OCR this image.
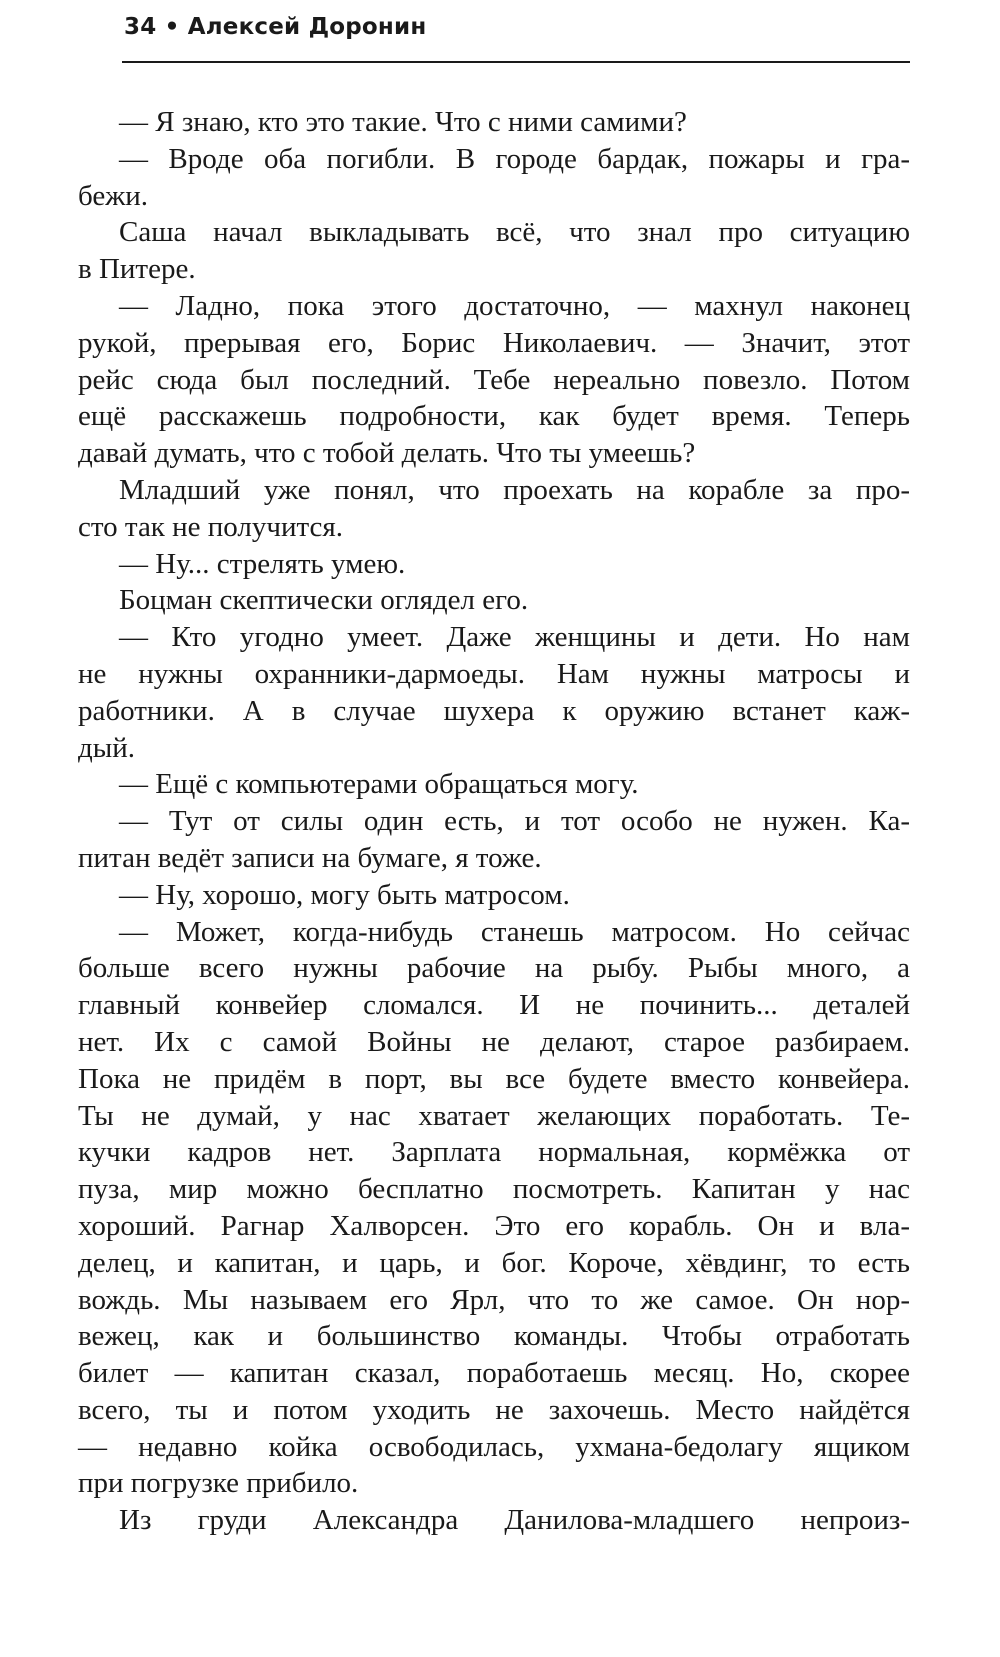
34 • Алексей Доронин
— Я знаю, кто это такие. Что с ними самими?
— Вроде оба погибли. В городе бардак, пожары и гра-
бежи.
Саша начал выкладывать всё, что знал про ситуацию
в Питере.
— Ладно, пока этого достаточно, — махнул наконец
рукой, прерывая его, Борис Николаевич. — Значит, этот
рейс сюда был последний. Тебе нереально повезло. Потом
ещё расскажешь подробности, как будет время. Теперь
давай думать, что с тобой делать. Что ты умеешь?
Младший уже понял, что проехать на корабле за про-
сто так не получится.
— Ну... стрелять умею.
Боцман скептически оглядел его.
— Кто угодно умеет. Даже женщины и дети. Но нам
не нужны охранники-дармоеды. Нам нужны матросы и
работники. А в случае шухера к оружию встанет каж-
дый.
— Ещё с компьютерами обращаться могу.
— Тут от силы один есть, и тот особо не нужен. Ка-
питан ведёт записи на бумаге, я тоже.
— Ну, хорошо, могу быть матросом.
— Может, когда-нибудь станешь матросом. Но сейчас
больше всего нужны рабочие на рыбу. Рыбы много, а
главный конвейер сломался. И не починить... деталей
нет. Их с самой Войны не делают, старое разбираем.
Пока не придём в порт, вы все будете вместо конвейера.
Ты не думай, у нас хватает желающих поработать. Те-
кучки кадров нет. Зарплата нормальная, кормёжка от
пуза, мир можно бесплатно посмотреть. Капитан у нас
хороший. Рагнар Халворсен. Это его корабль. Он и вла-
делец, и капитан, и царь, и бог. Короче, хёвдинг, то есть
вождь. Мы называем его Ярл, что то же самое. Он нор-
вежец, как и большинство команды. Чтобы отработать
билет — капитан сказал, поработаешь месяц. Но, скорее
всего, ты и потом уходить не захочешь. Место найдётся
— недавно койка освободилась, ухмана-бедолагу ящиком
при погрузке прибило.
Из груди Александра Данилова-младшего непроиз-
